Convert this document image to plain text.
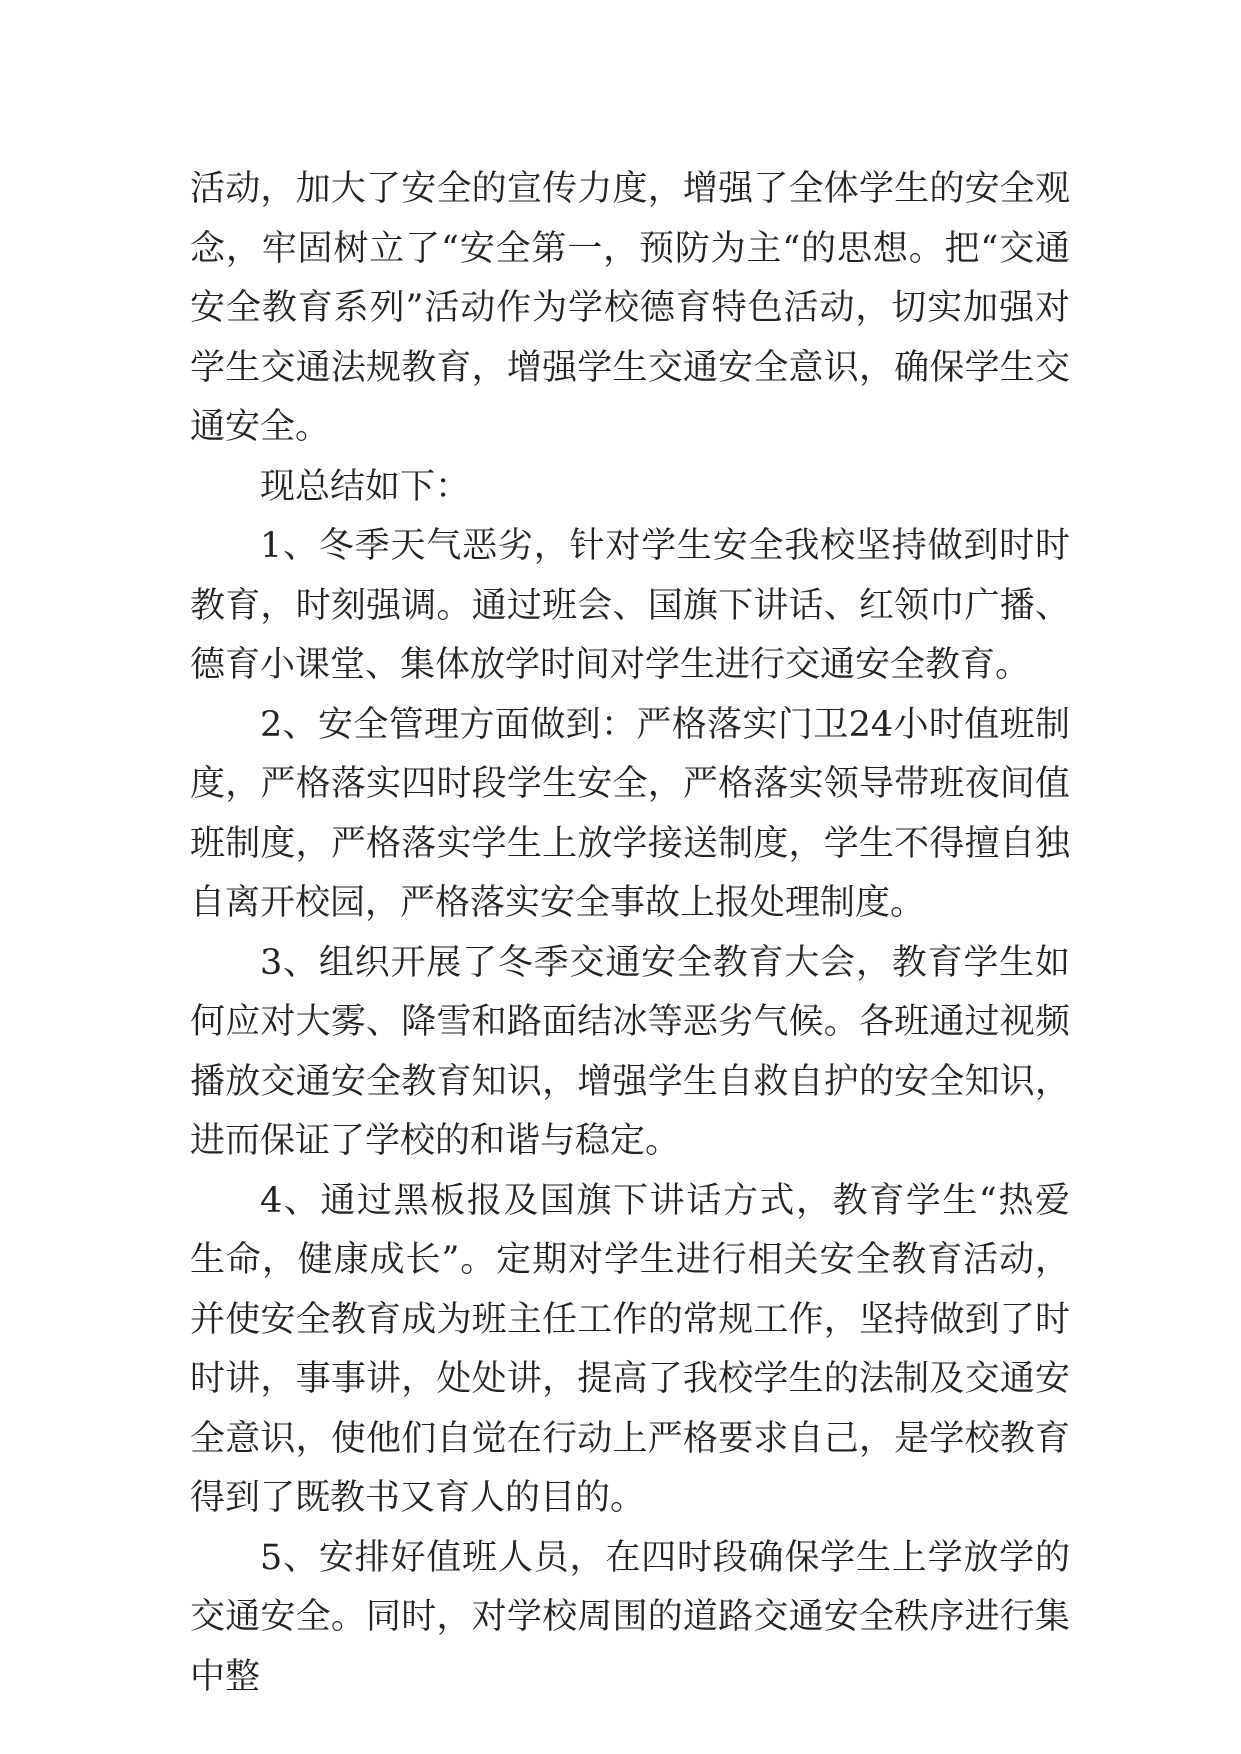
活动，加大了安全的宣传力度，增强了全体学生的安全观念，牢固树立了“安全第一，预防为主“的思想。把“交通安全教育系列”活动作为学校德育特色活动，切实加强对学生交通法规教育，增强学生交通安全意识，确保学生交通安全。

现总结如下：

1、冬季天气恶劣，针对学生安全我校坚持做到时时教育，时刻强调。通过班会、国旗下讲话、红领巾广播、德育小课堂、集体放学时间对学生进行交通安全教育。

2、安全管理方面做到：严格落实门卫24小时值班制度，严格落实四时段学生安全，严格落实领导带班夜间值班制度，严格落实学生上放学接送制度，学生不得擅自独自离开校园，严格落实安全事故上报处理制度。

3、组织开展了冬季交通安全教育大会，教育学生如何应对大雾、降雪和路面结冰等恶劣气候。各班通过视频播放交通安全教育知识，增强学生自救自护的安全知识，进而保证了学校的和谐与稳定。

4、通过黑板报及国旗下讲话方式，教育学生“热爱生命，健康成长”。定期对学生进行相关安全教育活动，并使安全教育成为班主任工作的常规工作，坚持做到了时时讲，事事讲，处处讲，提高了我校学生的法制及交通安全意识，使他们自觉在行动上严格要求自己，是学校教育得到了既教书又育人的目的。

5、安排好值班人员，在四时段确保学生上学放学的交通安全。同时，对学校周围的道路交通安全秩序进行集中整
